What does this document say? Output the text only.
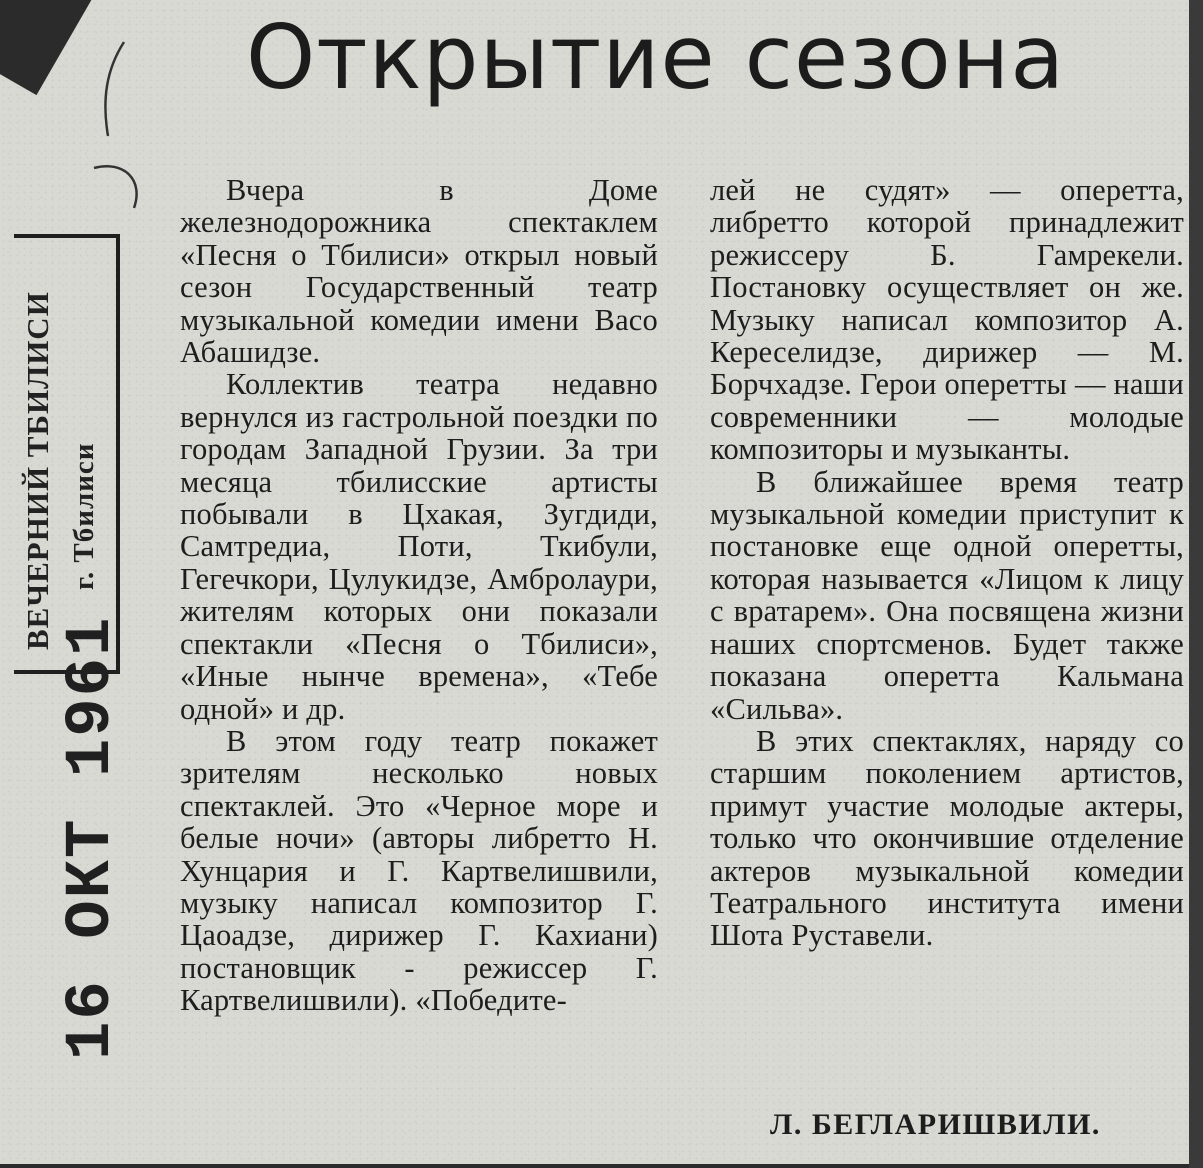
Открытие сезона

Вчера в Доме железнодорожника спектаклем «Песня о Тбилиси» открыл новый сезон Государственный театр музыкальной комедии имени Васо Абашидзе.

Коллектив театра недавно вернулся из гастрольной поездки по городам Западной Грузии. За три месяца тбилисские артисты побывали в Цхакая, Зугдиди, Самтредиа, Поти, Ткибули, Гегечкори, Цулукидзе, Амбролаури, жителям которых они показали спектакли «Песня о Тбилиси», «Иные нынче времена», «Тебе одной» и др.

В этом году театр покажет зрителям несколько новых спектаклей. Это «Черное море и белые ночи» (авторы либретто Н. Хунцария и Г. Картвелишвили, музыку написал композитор Г. Цаоадзе, дирижер Г. Кахиани) постановщик - режиссер Г. Картвелишвили). «Победите-

лей не судят» — оперетта, либретто которой принадлежит режиссеру Б. Гамрекели. Постановку осуществляет он же. Музыку написал композитор А. Кереселидзе, дирижер — М. Борчхадзе. Герои оперетты — наши современники — молодые композиторы и музыканты.

В ближайшее время театр музыкальной комедии приступит к постановке еще одной оперетты, которая называется «Лицом к лицу с вратарем». Она посвящена жизни наших спортсменов. Будет также показана оперетта Кальмана «Сильва».

В этих спектаклях, наряду со старшим поколением артистов, примут участие молодые актеры, только что окончившие отделение актеров музыкальной комедии Театрального института имени Шота Руставели.

Л. БЕГЛАРИШВИЛИ.
ВЕЧЕРНИЙ ТБИЛИСИ г. Тбилиси
16 ОКТ 1961
